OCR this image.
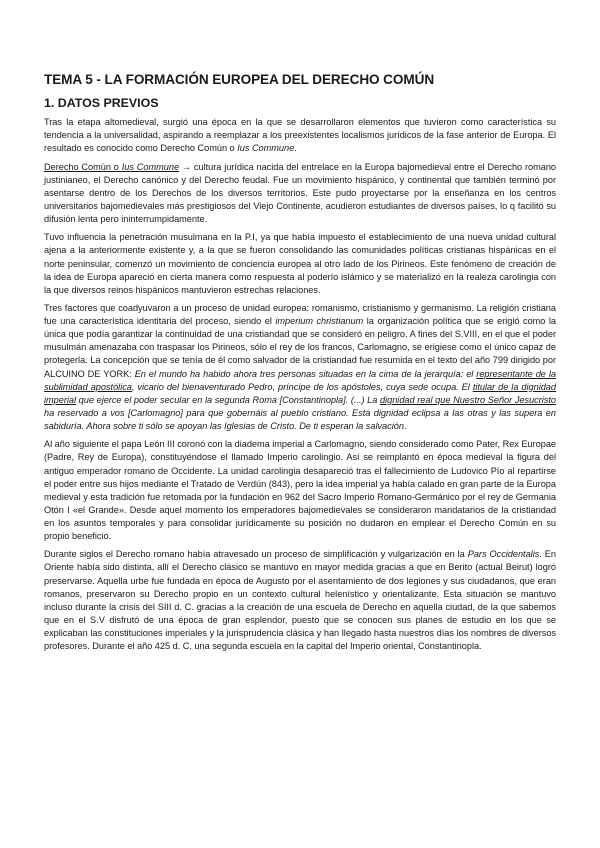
TEMA 5 - LA FORMACIÓN EUROPEA DEL DERECHO COMÚN
1. DATOS PREVIOS

Tras la etapa altomedieval, surgió una época en la que se desarrollaron elementos que tuvieron como característica su tendencia a la universalidad, aspirando a reemplazar a los preexistentes localismos jurídicos de la fase anterior de Europa. El resultado es conocido como Derecho Común o Ius Commune.

Derecho Común o Ius Commune → cultura jurídica nacida del entrelace en la Europa bajomedieval entre el Derecho romano justinianeo, el Derecho canónico y del Derecho feudal. Fue un movimiento hispánico, y continental que también terminó por asentarse dentro de los Derechos de los diversos territorios. Este pudo proyectarse por la enseñanza en los centros universitarios bajomedievales más prestigiosos del Viejo Continente, acudieron estudiantes de diversos países, lo q facilitó su difusión lenta pero ininterrumpidamente.

Tuvo influencia la penetración musulmana en la P.I, ya que había impuesto el establecimiento de una nueva unidad cultural ajena a la anteriormente existente y, a la que se fueron consolidando las comunidades políticas cristianas hispánicas en el norte peninsular, comenzó un movimiento de conciencia europea al otro lado de los Pirineos. Este fenómeno de creación de la idea de Europa apareció en cierta manera como respuesta al poderío islámico y se materializó en la realeza carolingia con la que diversos reinos hispánicos mantuvieron estrechas relaciones.

Tres factores que coadyuvaron a un proceso de unidad europea: romanismo, cristianismo y germanismo. La religión cristiana fue una característica identitaria del proceso, siendo el imperium christianum la organización política que se erigió como la única que podía garantizar la continuidad de una cristiandad que se consideró en peligro. A fines del S.VIII, en el que el poder musulmán amenazaba con traspasar los Pirineos, sólo el rey de los francos, Carlomagno, se erigiese como el único capaz de protegerla. La concepción que se tenía de él como salvador de la cristiandad fue resumida en el texto del año 799 dirigido por ALCUINO DE YORK: En el mundo ha habido ahora tres personas situadas en la cima de la jerarquía: el representante de la sublimidad apostólica, vicario del bienaventurado Pedro, príncipe de los apóstoles, cuya sede ocupa. El titular de la dignidad imperial que ejerce el poder secular en la segunda Roma [Constantinopla]. (...) La dignidad real que Nuestro Señor Jesucristo ha reservado a vos [Carlomagno] para que gobernáis al pueblo cristiano. Esta dignidad eclipsa a las otras y las supera en sabiduría. Ahora sobre ti sólo se apoyan las Iglesias de Cristo. De ti esperan la salvación.

Al año siguiente el papa León III coronó con la diadema imperial a Carlomagno, siendo considerado como Pater, Rex Europae (Padre, Rey de Europa), constituyéndose el llamado Imperio carolingio. Así se reimplantó en época medieval la figura del antiguo emperador romano de Occidente. La unidad carolingia desapareció tras el fallecimiento de Ludovico Pío al repartirse el poder entre sus hijos mediante el Tratado de Verdún (843), pero la idea imperial ya había calado en gran parte de la Europa medieval y esta tradición fue retomada por la fundación en 962 del Sacro Imperio Romano-Germánico por el rey de Germania Otón I «el Grande». Desde aquel momento los emperadores bajomedievales se consideraron mandatarios de la cristiandad en los asuntos temporales y para consolidar jurídicamente su posición no dudaron en emplear el Derecho Común en su propio beneficio.

Durante siglos el Derecho romano había atravesado un proceso de simplificación y vulgarización en la Pars Occidentalis. En Oriente había sido distinta, allí el Derecho clásico se mantuvo en mayor medida gracias a que en Berito (actual Beirut) logró preservarse. Aquella urbe fue fundada en época de Augusto por el asentamiento de dos legiones y sus ciudadanos, que eran romanos, preservaron su Derecho propio en un contexto cultural helenístico y orientalizante. Esta situación se mantuvo incluso durante la crisis del SIII d. C. gracias a la creación de una escuela de Derecho en aquella ciudad, de la que sabemos que en el S.V disfrutó de una época de gran esplendor, puesto que se conocen sus planes de estudio en los que se explicaban las constituciones imperiales y la jurisprudencia clásica y han llegado hasta nuestros días los nombres de diversos profesores. Durante el año 425 d. C. una segunda escuela en la capital del Imperio oriental, Constantinopla.
